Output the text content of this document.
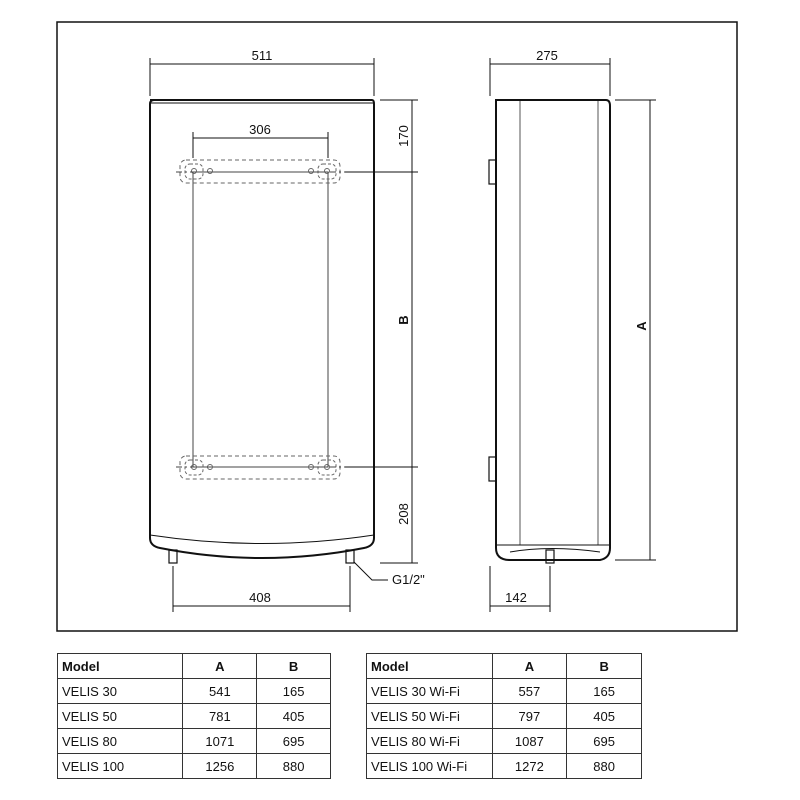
511
306	170
B
208
408
G1/2"
275
A
142
Model	A	B
VELIS 30	541	165
VELIS 50	781	405
VELIS 80	1071	695
VELIS 100	1256	880
Model	A	B
VELIS 30 Wi-Fi	557	165
VELIS 50 Wi-Fi	797	405
VELIS 80 Wi-Fi	1087	695
VELIS 100 Wi-Fi	1272	880
